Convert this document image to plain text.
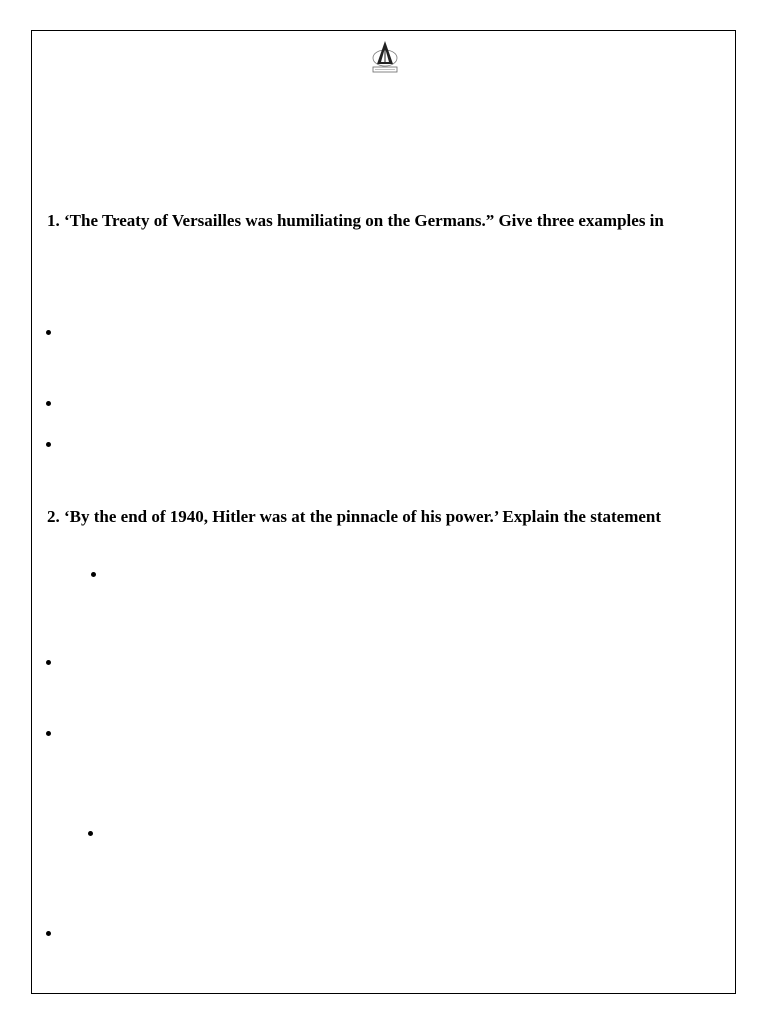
1. ‘The Treaty of Versailles was humiliating on the Germans.” Give three examples in
2. ‘By the end of 1940, Hitler was at the pinnacle of his power.’ Explain the statement
